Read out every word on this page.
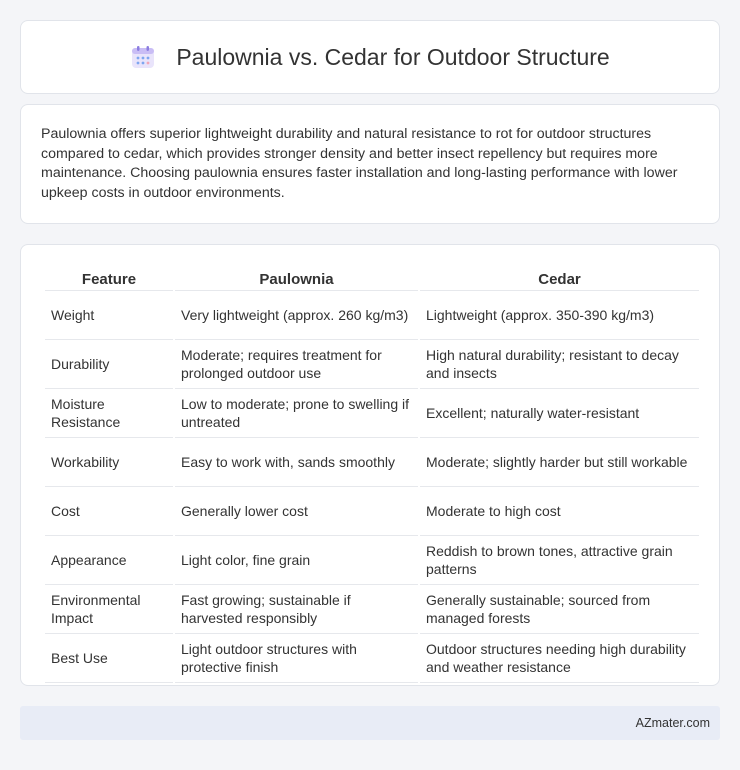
Paulownia vs. Cedar for Outdoor Structure

Paulownia offers superior lightweight durability and natural resistance to rot for outdoor structures compared to cedar, which provides stronger density and better insect repellency but requires more maintenance. Choosing paulownia ensures faster installation and long-lasting performance with lower upkeep costs in outdoor environments.

Feature	Paulownia	Cedar
Weight	Very lightweight (approx. 260 kg/m3)	Lightweight (approx. 350-390 kg/m3)
Durability	Moderate; requires treatment for prolonged outdoor use	High natural durability; resistant to decay and insects
Moisture Resistance	Low to moderate; prone to swelling if untreated	Excellent; naturally water-resistant
Workability	Easy to work with, sands smoothly	Moderate; slightly harder but still workable
Cost	Generally lower cost	Moderate to high cost
Appearance	Light color, fine grain	Reddish to brown tones, attractive grain patterns
Environmental Impact	Fast growing; sustainable if harvested responsibly	Generally sustainable; sourced from managed forests
Best Use	Light outdoor structures with protective finish	Outdoor structures needing high durability and weather resistance
AZmater.com
